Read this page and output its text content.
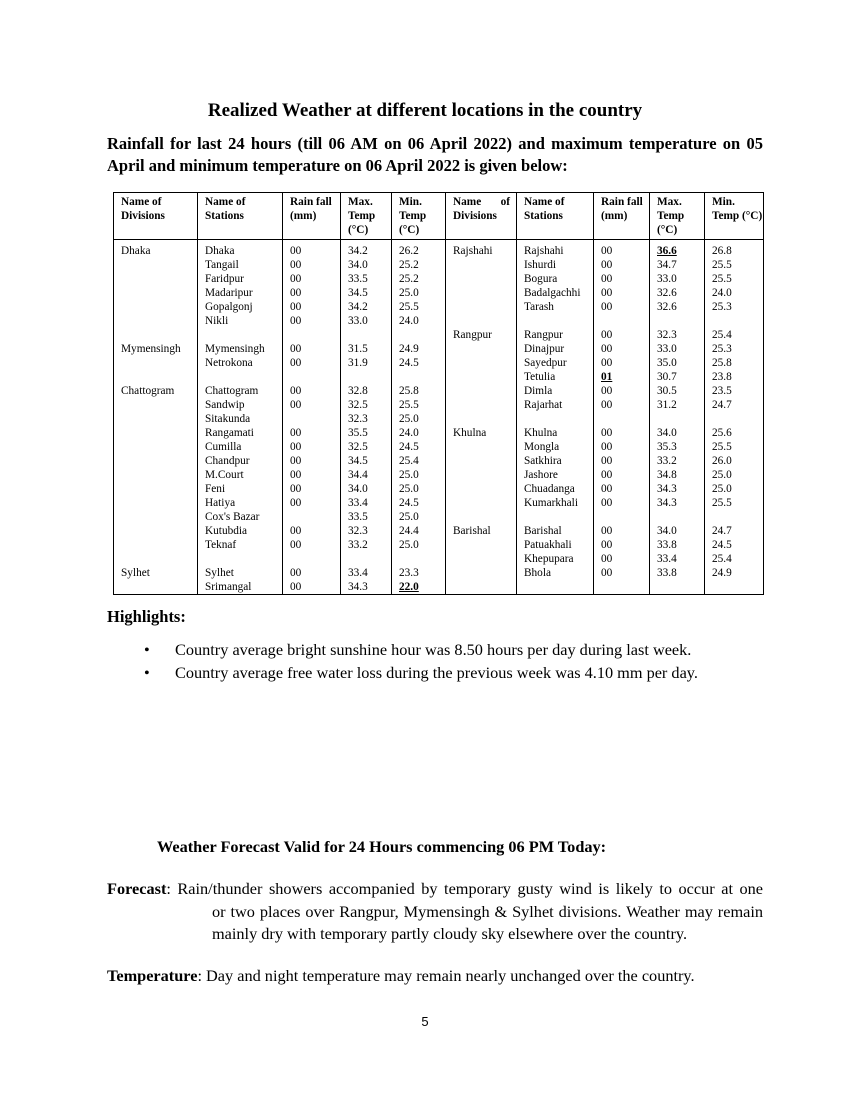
Realized Weather at different locations in the country
Rainfall for last 24 hours (till 06 AM on 06 April 2022) and maximum temperature on 05 April and minimum temperature on 06 April 2022 is given below:
Name of Divisions	Name of Stations	Rain fall (mm)	Max. Temp (°C)	Min. Temp (°C)	Name of Divisions	Name of Stations	Rain fall (mm)	Max. Temp (°C)	Min. Temp (°C)
Dhaka	Dhaka	00	34.2	26.2	Rajshahi	Rajshahi	00	36.6	26.8
	Tangail	00	34.0	25.2		Ishurdi	00	34.7	25.5
	Faridpur	00	33.5	25.2		Bogura	00	33.0	25.5
	Madaripur	00	34.5	25.0		Badalgachhi	00	32.6	24.0
	Gopalgonj	00	34.2	25.5		Tarash	00	32.6	25.3
	Nikli	00	33.0	24.0					
					Rangpur	Rangpur	00	32.3	25.4
Mymensingh	Mymensingh	00	31.5	24.9		Dinajpur	00	33.0	25.3
	Netrokona	00	31.9	24.5		Sayedpur	00	35.0	25.8
						Tetulia	01	30.7	23.8
Chattogram	Chattogram	00	32.8	25.8		Dimla	00	30.5	23.5
	Sandwip	00	32.5	25.5		Rajarhat	00	31.2	24.7
	Sitakunda		32.3	25.0					
	Rangamati	00	35.5	24.0	Khulna	Khulna	00	34.0	25.6
	Cumilla	00	32.5	24.5		Mongla	00	35.3	25.5
	Chandpur	00	34.5	25.4		Satkhira	00	33.2	26.0
	M.Court	00	34.4	25.0		Jashore	00	34.8	25.0
	Feni	00	34.0	25.0		Chuadanga	00	34.3	25.0
	Hatiya	00	33.4	24.5		Kumarkhali	00	34.3	25.5
	Cox's Bazar		33.5	25.0					
	Kutubdia	00	32.3	24.4	Barishal	Barishal	00	34.0	24.7
	Teknaf	00	33.2	25.0		Patuakhali	00	33.8	24.5
						Khepupara	00	33.4	25.4
Sylhet	Sylhet	00	33.4	23.3		Bhola	00	33.8	24.9
	Srimangal	00	34.3	22.0					
Highlights:
• Country average bright sunshine hour was 8.50 hours per day during last week.
• Country average free water loss during the previous week was 4.10 mm per day.
Weather Forecast Valid for 24 Hours commencing 06 PM Today:
Forecast: Rain/thunder showers accompanied by temporary gusty wind is likely to occur at one
or two places over Rangpur, Mymensingh & Sylhet divisions. Weather may remain mainly dry with temporary partly cloudy sky elsewhere over the country.
Temperature: Day and night temperature may remain nearly unchanged over the country.
5
